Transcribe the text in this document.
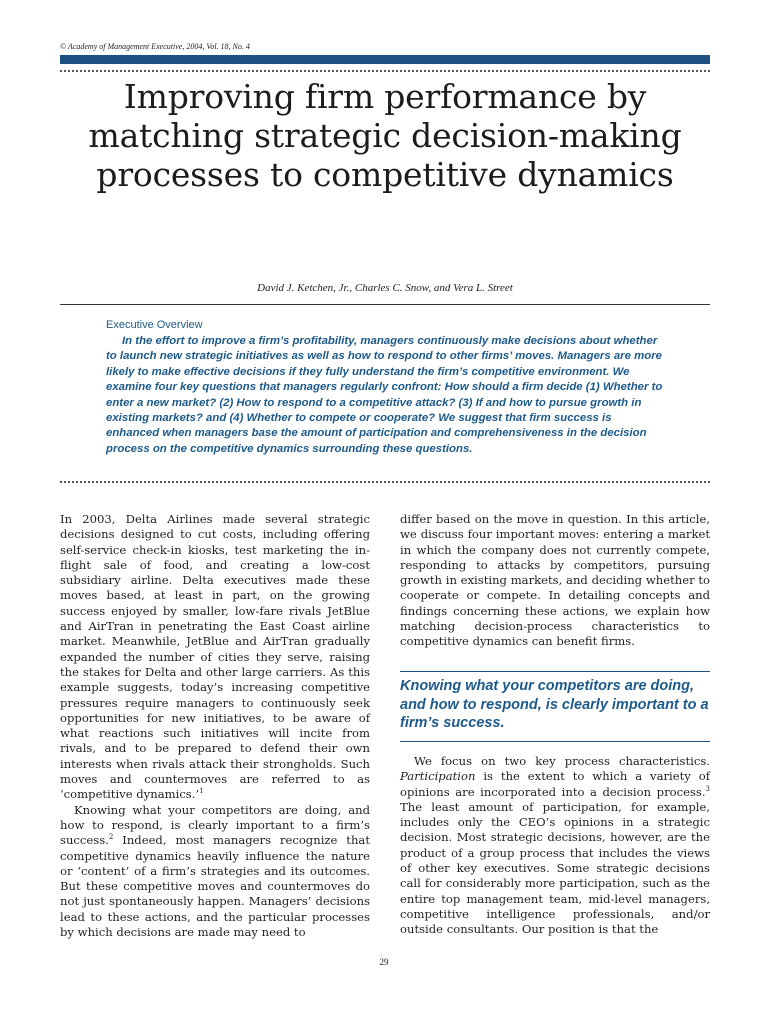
© Academy of Management Executive, 2004, Vol. 18, No. 4
Improving firm performance by matching strategic decision-making processes to competitive dynamics
David J. Ketchen, Jr., Charles C. Snow, and Vera L. Street
Executive Overview

In the effort to improve a firm’s profitability, managers continuously make decisions about whether to launch new strategic initiatives as well as how to respond to other firms’ moves. Managers are more likely to make effective decisions if they fully understand the firm’s competitive environment. We examine four key questions that managers regularly confront: How should a firm decide (1) Whether to enter a new market? (2) How to respond to a competitive attack? (3) If and how to pursue growth in existing markets? and (4) Whether to compete or cooperate? We suggest that firm success is enhanced when managers base the amount of participation and comprehensiveness in the decision process on the competitive dynamics surrounding these questions.

In 2003, Delta Airlines made several strategic decisions designed to cut costs, including offering self-service check-in kiosks, test marketing the in-flight sale of food, and creating a low-cost subsidiary airline. Delta executives made these moves based, at least in part, on the growing success enjoyed by smaller, low-fare rivals JetBlue and AirTran in penetrating the East Coast airline market. Meanwhile, JetBlue and AirTran gradually expanded the number of cities they serve, raising the stakes for Delta and other large carriers. As this example suggests, today’s increasing competitive pressures require managers to continuously seek opportunities for new initiatives, to be aware of what reactions such initiatives will incite from rivals, and to be prepared to defend their own interests when rivals attack their strongholds. Such moves and countermoves are referred to as ‘competitive dynamics.’$^1$

Knowing what your competitors are doing, and how to respond, is clearly important to a firm’s success.$^2$ Indeed, most managers recognize that competitive dynamics heavily influence the nature or ‘content’ of a firm’s strategies and its outcomes. But these competitive moves and countermoves do not just spontaneously happen. Managers’ decisions lead to these actions, and the particular processes by which decisions are made may need to

differ based on the move in question. In this article, we discuss four important moves: entering a market in which the company does not currently compete, responding to attacks by competitors, pursuing growth in existing markets, and deciding whether to cooperate or compete. In detailing concepts and findings concerning these actions, we explain how matching decision-process characteristics to competitive dynamics can benefit firms.

Knowing what your competitors are doing, and how to respond, is clearly important to a firm’s success.

We focus on two key process characteristics. Participation is the extent to which a variety of opinions are incorporated into a decision process.$^3$ The least amount of participation, for example, includes only the CEO’s opinions in a strategic decision. Most strategic decisions, however, are the product of a group process that includes the views of other key executives. Some strategic decisions call for considerably more participation, such as the entire top management team, mid-level managers, competitive intelligence professionals, and/or outside consultants. Our position is that the

29
